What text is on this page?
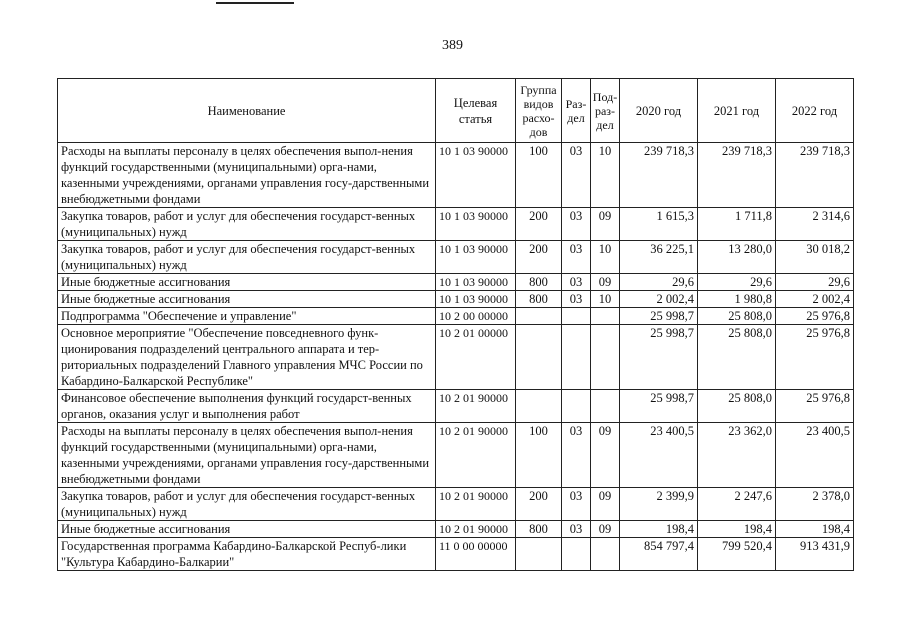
389
Наименование	Целевая статья	Группа видов расхо-дов	Раз-дел	Под-раз-дел	2020 год	2021 год	2022 год
Расходы на выплаты персоналу в целях обеспечения выпол-нения функций государственными (муниципальными) орга-нами, казенными учреждениями, органами управления госу-дарственными внебюджетными фондами	10 1 03 90000	100	03	10	239 718,3	239 718,3	239 718,3
Закупка товаров, работ и услуг для обеспечения государст-венных (муниципальных) нужд	10 1 03 90000	200	03	09	1 615,3	1 711,8	2 314,6
Закупка товаров, работ и услуг для обеспечения государст-венных (муниципальных) нужд	10 1 03 90000	200	03	10	36 225,1	13 280,0	30 018,2
Иные бюджетные ассигнования	10 1 03 90000	800	03	09	29,6	29,6	29,6
Иные бюджетные ассигнования	10 1 03 90000	800	03	10	2 002,4	1 980,8	2 002,4
Подпрограмма "Обеспечение и управление"	10 2 00 00000				25 998,7	25 808,0	25 976,8
Основное мероприятие "Обеспечение повседневного функ-ционирования подразделений центрального аппарата и тер-риториальных подразделений Главного управления МЧС России по Кабардино-Балкарской Республике"	10 2 01 00000				25 998,7	25 808,0	25 976,8
Финансовое обеспечение выполнения функций государст-венных органов, оказания услуг и выполнения работ	10 2 01 90000				25 998,7	25 808,0	25 976,8
Расходы на выплаты персоналу в целях обеспечения выпол-нения функций государственными (муниципальными) орга-нами, казенными учреждениями, органами управления госу-дарственными внебюджетными фондами	10 2 01 90000	100	03	09	23 400,5	23 362,0	23 400,5
Закупка товаров, работ и услуг для обеспечения государст-венных (муниципальных) нужд	10 2 01 90000	200	03	09	2 399,9	2 247,6	2 378,0
Иные бюджетные ассигнования	10 2 01 90000	800	03	09	198,4	198,4	198,4
Государственная программа Кабардино-Балкарской Респуб-лики "Культура Кабардино-Балкарии"	11 0 00 00000				854 797,4	799 520,4	913 431,9
